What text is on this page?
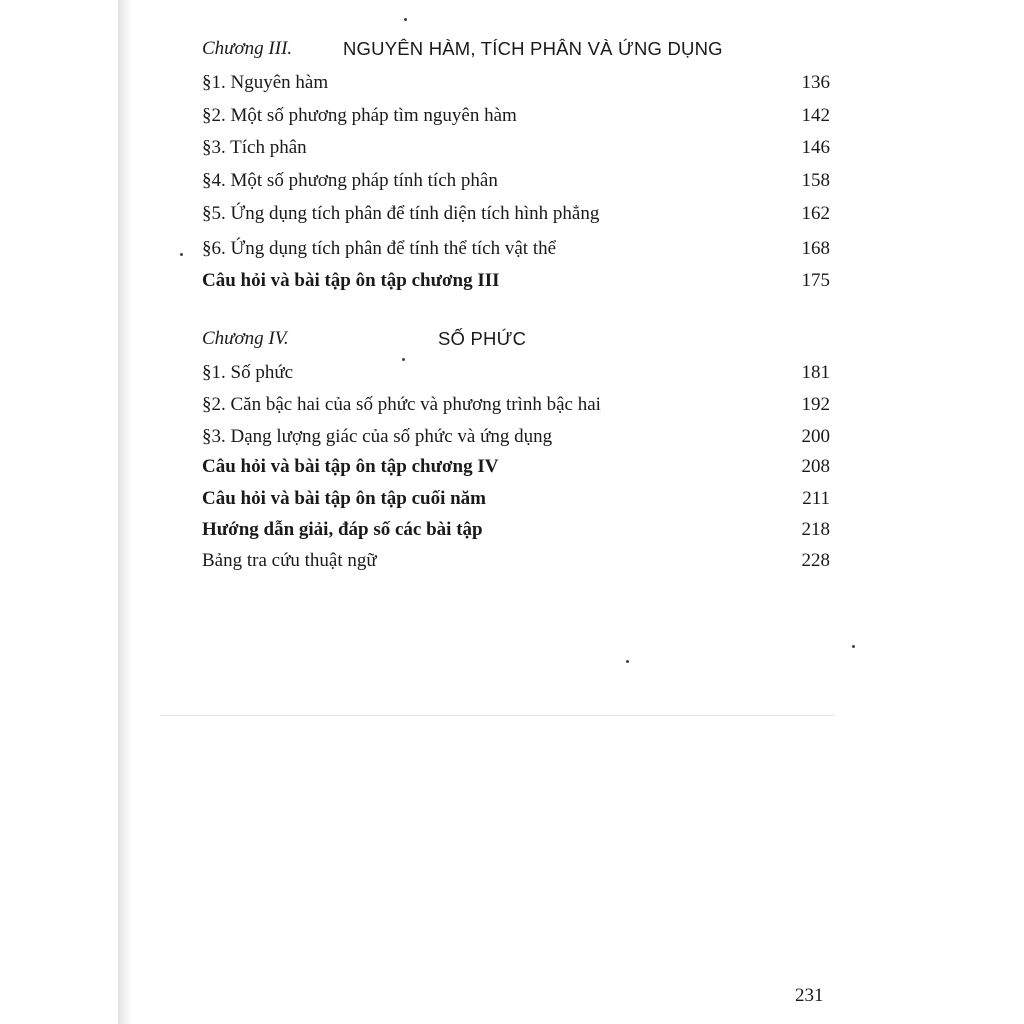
Chương III.	NGUYÊN HÀM, TÍCH PHÂN VÀ ỨNG DỤNG
§1. Nguyên hàm	136
§2. Một số phương pháp tìm nguyên hàm	142
§3. Tích phân	146
§4. Một số phương pháp tính tích phân	158
§5. Ứng dụng tích phân để tính diện tích hình phẳng	162
§6. Ứng dụng tích phân để tính thể tích vật thể	168
Câu hỏi và bài tập ôn tập chương III	175
Chương IV.	SỐ PHỨC
§1. Số phức	181
§2. Căn bậc hai của số phức và phương trình bậc hai	192
§3. Dạng lượng giác của số phức và ứng dụng	200
Câu hỏi và bài tập ôn tập chương IV	208
Câu hỏi và bài tập ôn tập cuối năm	211
Hướng dẫn giải, đáp số các bài tập	218
Bảng tra cứu thuật ngữ	228
231
